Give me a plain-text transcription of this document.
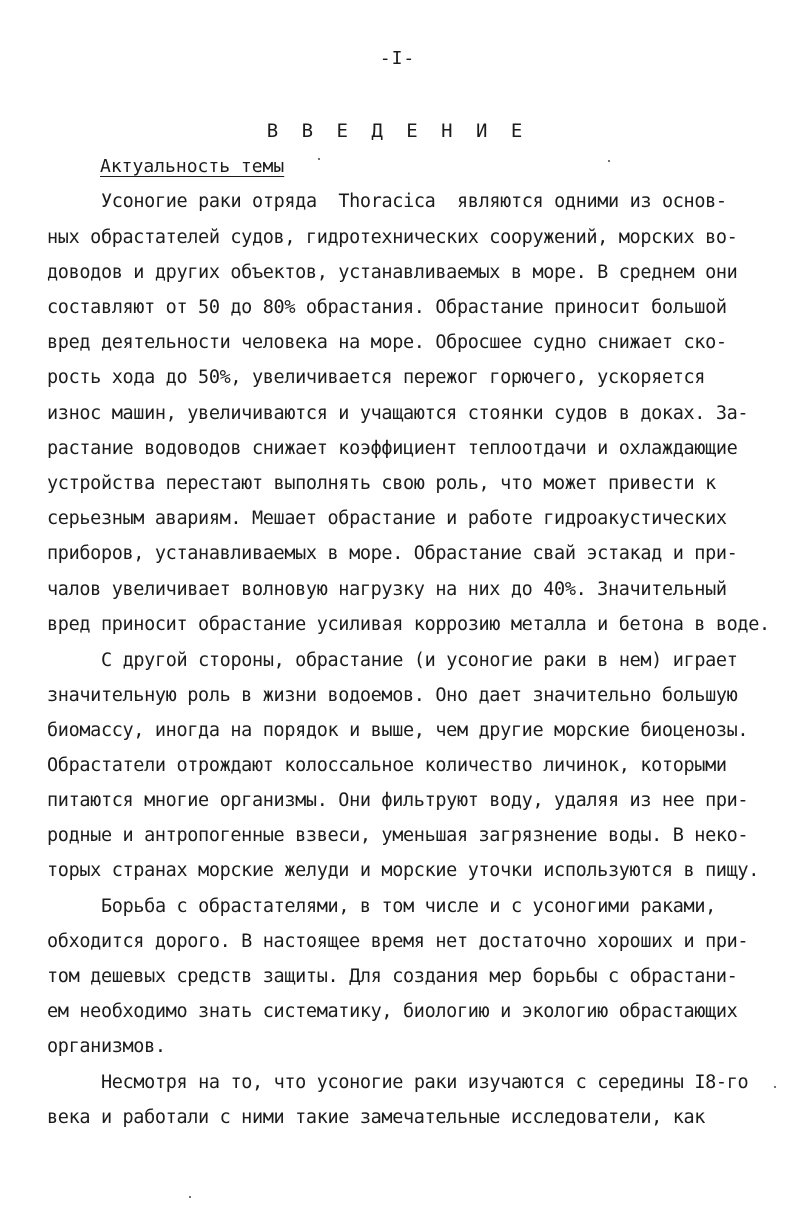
-I-
В В Е Д Е Н И Е
Актуальность темы
Усоногие раки отряда  Thoracica  являются одними из основ-
ных обрастателей судов, гидротехнических сооружений, морских во-
доводов и других объектов, устанавливаемых в море. В среднем они
составляют от 50 до 80% обрастания. Обрастание приносит большой
вред деятельности человека на море. Обросшее судно снижает ско-
рость хода до 50%, увеличивается пережог горючего, ускоряется
износ машин, увеличиваются и учащаются стоянки судов в доках. За-
растание водоводов снижает коэффициент теплоотдачи и охлаждающие
устройства перестают выполнять свою роль, что может привести к
серьезным авариям. Мешает обрастание и работе гидроакустических
приборов, устанавливаемых в море. Обрастание свай эстакад и при-
чалов увеличивает волновую нагрузку на них до 40%. Значительный
вред приносит обрастание усиливая коррозию металла и бетона в воде.
С другой стороны, обрастание (и усоногие раки в нем) играет
значительную роль в жизни водоемов. Оно дает значительно большую
биомассу, иногда на порядок и выше, чем другие морские биоценозы.
Обрастатели отрождают колоссальное количество личинок, которыми
питаются многие организмы. Они фильтруют воду, удаляя из нее при-
родные и антропогенные взвеси, уменьшая загрязнение воды. В неко-
торых странах морские желуди и морские уточки используются в пищу.
Борьба с обрастателями, в том числе и с усоногими раками,
обходится дорого. В настоящее время нет достаточно хороших и при-
том дешевых средств защиты. Для создания мер борьбы с обрастани-
ем необходимо знать систематику, биологию и экологию обрастающих
организмов.
Несмотря на то, что усоногие раки изучаются с середины I8-го
века и работали с ними такие замечательные исследователи, как
